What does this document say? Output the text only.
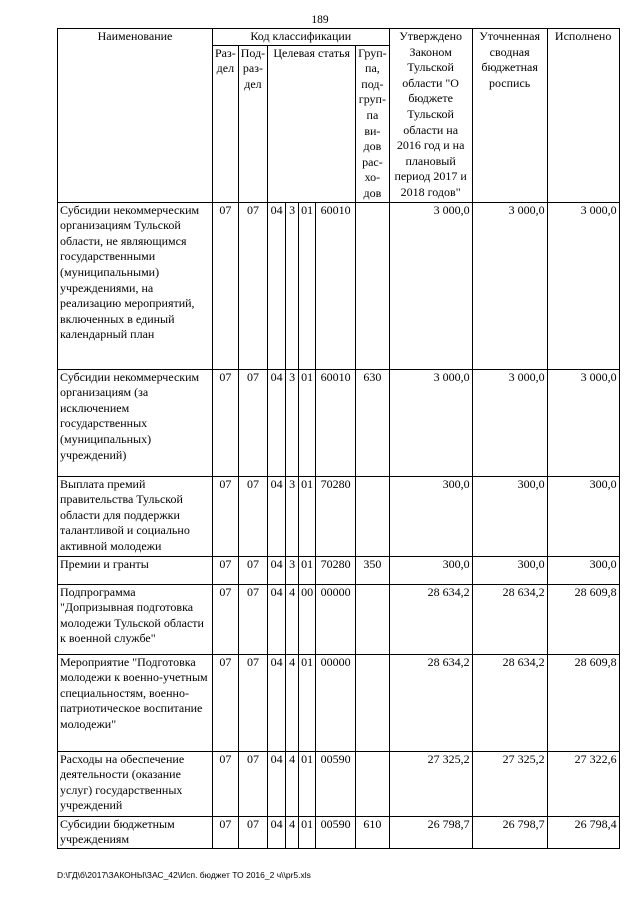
189
Наименование	Код классификации							Утверждено Законом Тульской области "О бюджете Тульской области на 2016 год и на плановый период 2017 и 2018 годов"	Уточненная сводная бюджетная роспись	Исполнено
	Раз-дел	Под-раз-дел	Целевая статья				Груп-па, под-груп-па ви-дов рас-хо-дов			
Субсидии некоммерческим организациям Тульской области, не являющимся государственными (муниципальными) учреждениями, на реализацию мероприятий, включенных в единый календарный план	07	07	04	3	01	60010		3 000,0	3 000,0	3 000,0
Субсидии некоммерческим организациям (за исключением государственных (муниципальных) учреждений)	07	07	04	3	01	60010	630	3 000,0	3 000,0	3 000,0
Выплата премий правительства Тульской области для поддержки талантливой и социально активной молодежи	07	07	04	3	01	70280		300,0	300,0	300,0
Премии и гранты	07	07	04	3	01	70280	350	300,0	300,0	300,0
Подпрограмма "Допризывная подготовка молодежи Тульской области к военной службе"	07	07	04	4	00	00000		28 634,2	28 634,2	28 609,8
Мероприятие "Подготовка молодежи к военно-учетным специальностям, военно-патриотическое воспитание молодежи"	07	07	04	4	01	00000		28 634,2	28 634,2	28 609,8
Расходы на обеспечение деятельности (оказание услуг) государственных учреждений	07	07	04	4	01	00590		27 325,2	27 325,2	27 322,6
Субсидии бюджетным учреждениям	07	07	04	4	01	00590	610	26 798,7	26 798,7	26 798,4
D:\ГД\б\2017\ЗАКОНЫ\ЗАС_42\Исп. бюджет ТО 2016_2 ч\\pr5.xls
